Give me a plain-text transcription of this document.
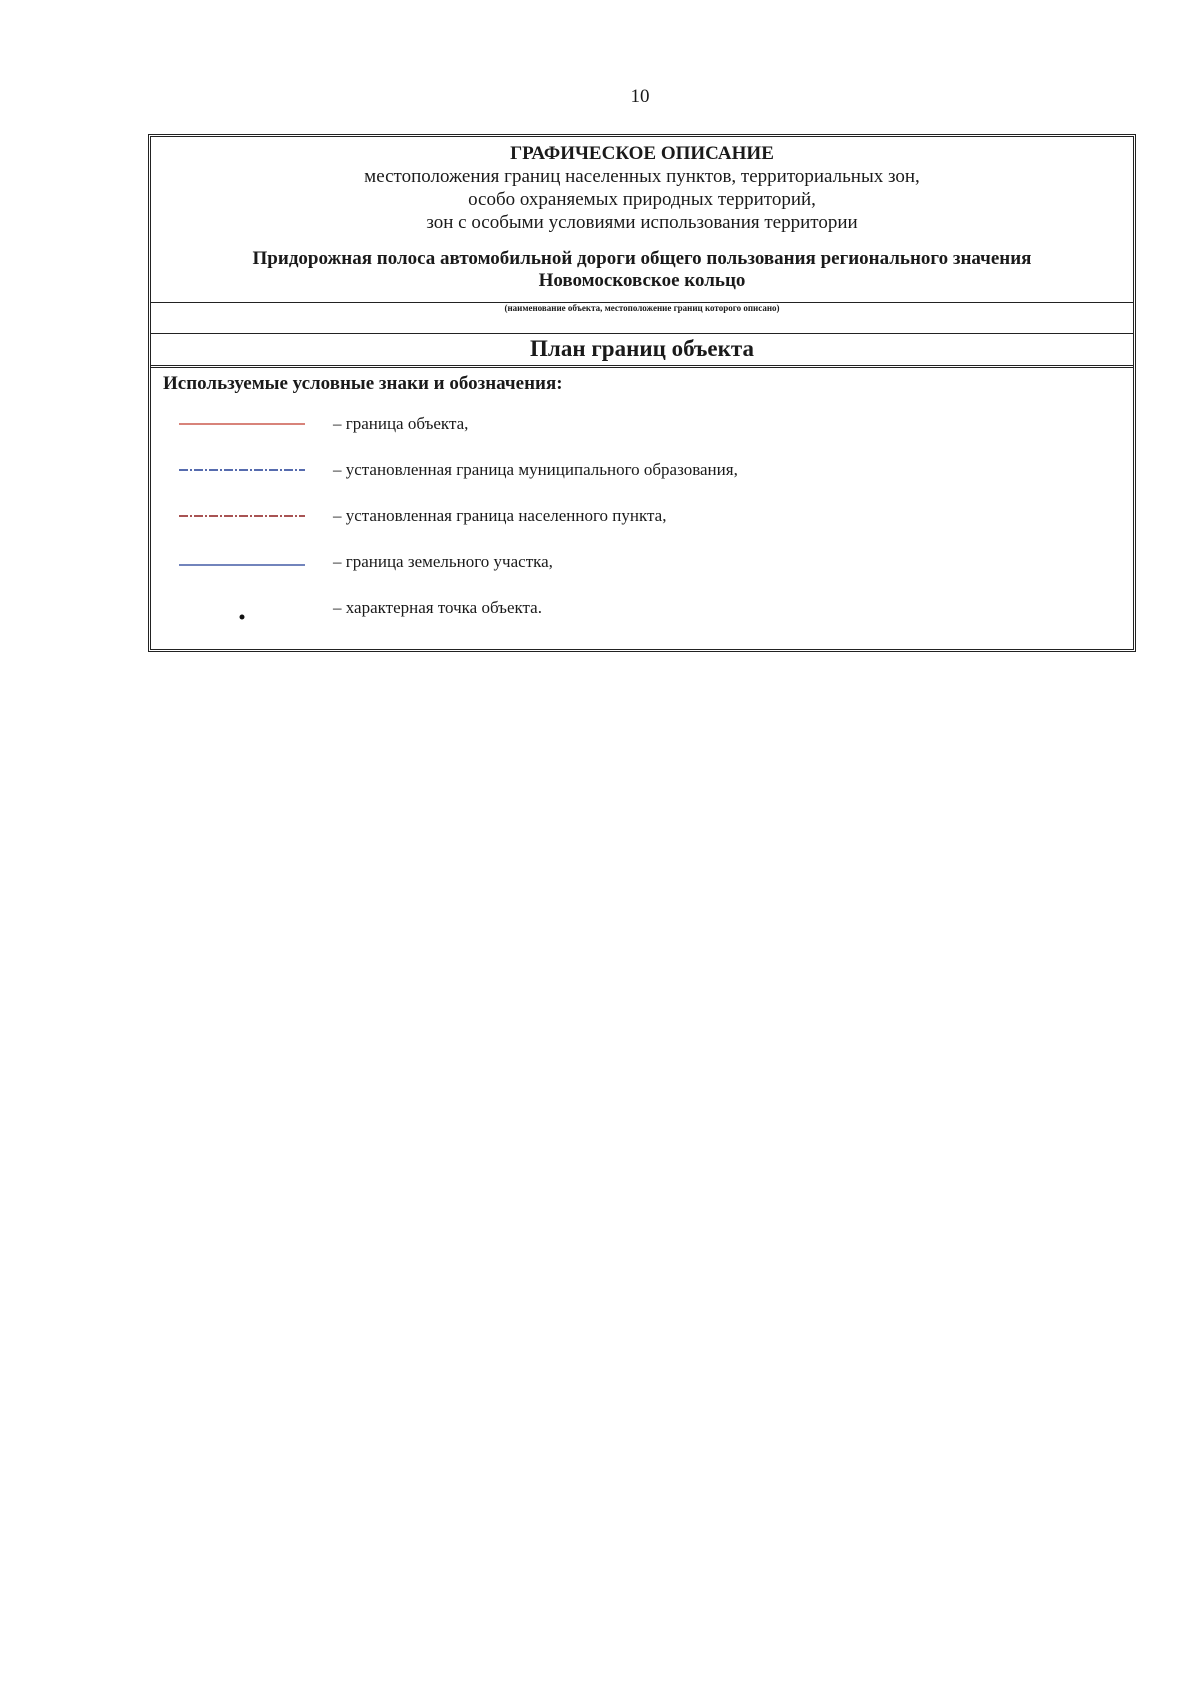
10
ГРАФИЧЕСКОЕ ОПИСАНИЕ
местоположения границ населенных пунктов, территориальных зон,
особо охраняемых природных территорий,
зон с особыми условиями использования территории
Придорожная полоса автомобильной дороги общего пользования регионального значения
Новомосковское кольцо
(наименование объекта, местоположение границ которого описано)
План границ объекта
Используемые условные знаки и обозначения:
– граница объекта,
– установленная граница муниципального образования,
– установленная граница населенного пункта,
– граница земельного участка,
– характерная точка объекта.
